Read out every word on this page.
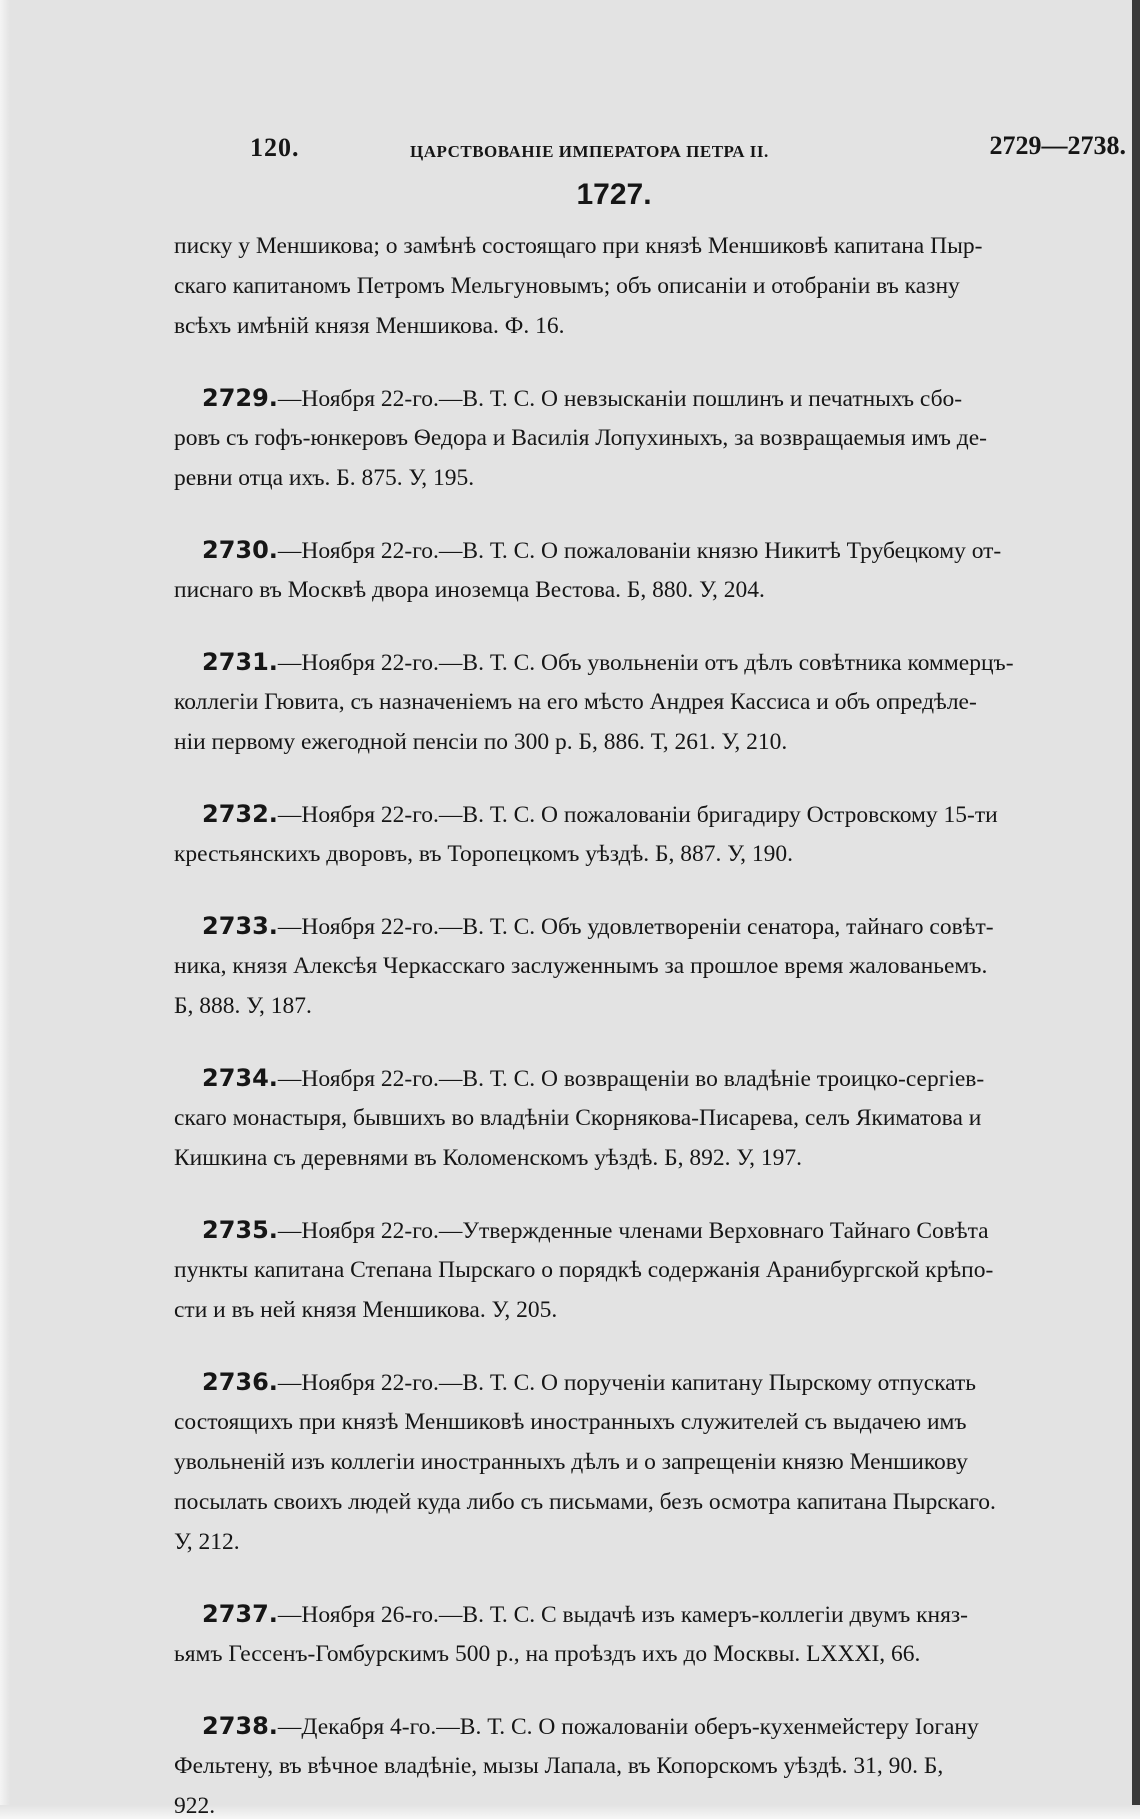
120.	ЦАРСТВОВАНІЕ ИМПЕРАТОРА ПЕТРА II.	2729—2738.
1727.
писку у Меншикова; о замѣнѣ состоящаго при князѣ Меншиковѣ капитана Пыр-
скаго капитаномъ Петромъ Мельгуновымъ; объ описаніи и отобраніи въ казну
всѣхъ имѣній князя Меншикова. Ф. 16.
2729.—Ноября 22-го.—В. Т. С. О невзысканіи пошлинъ и печатныхъ сбо-
ровъ съ гофъ-юнкеровъ Ѳедора и Василія Лопухиныхъ, за возвращаемыя имъ де-
ревни отца ихъ. Б. 875. У, 195.
2730.—Ноября 22-го.—В. Т. С. О пожалованіи князю Никитѣ Трубецкому от-
писнаго въ Москвѣ двора иноземца Вестова. Б, 880. У, 204.
2731.—Ноября 22-го.—В. Т. С. Объ увольненіи отъ дѣлъ совѣтника коммерцъ-
коллегіи Гювита, съ назначеніемъ на его мѣсто Андрея Кассиса и объ опредѣле-
ніи первому ежегодной пенсіи по 300 р. Б, 886. Т, 261. У, 210.
2732.—Ноября 22-го.—В. Т. С. О пожалованіи бригадиру Островскому 15-ти
крестьянскихъ дворовъ, въ Торопецкомъ уѣздѣ. Б, 887. У, 190.
2733.—Ноября 22-го.—В. Т. С. Объ удовлетвореніи сенатора, тайнаго совѣт-
ника, князя Алексѣя Черкасскаго заслуженнымъ за прошлое время жалованьемъ.
Б, 888. У, 187.
2734.—Ноября 22-го.—В. Т. С. О возвращеніи во владѣніе троицко-сергіев-
скаго монастыря, бывшихъ во владѣніи Скорнякова-Писарева, селъ Якиматова и
Кишкина съ деревнями въ Коломенскомъ уѣздѣ. Б, 892. У, 197.
2735.—Ноября 22-го.—Утвержденные членами Верховнаго Тайнаго Совѣта
пункты капитана Степана Пырскаго о порядкѣ содержанія Аранибургской крѣпо-
сти и въ ней князя Меншикова. У, 205.
2736.—Ноября 22-го.—В. Т. С. О порученіи капитану Пырскому отпускать
состоящихъ при князѣ Меншиковѣ иностранныхъ служителей съ выдачею имъ
увольненій изъ коллегіи иностранныхъ дѣлъ и о запрещеніи князю Меншикову
посылать своихъ людей куда либо съ письмами, безъ осмотра капитана Пырскаго.
У, 212.
2737.—Ноября 26-го.—В. Т. С. С выдачѣ изъ камеръ-коллегіи двумъ княз-
ьямъ Гессенъ-Гомбурскимъ 500 р., на проѣздъ ихъ до Москвы. LXXXI, 66.
2738.—Декабря 4-го.—В. Т. С. О пожалованіи оберъ-кухенмейстеру Іогану
Фельтену, въ вѣчное владѣніе, мызы Лапала, въ Копорскомъ уѣздѣ. 31, 90. Б,
922.
